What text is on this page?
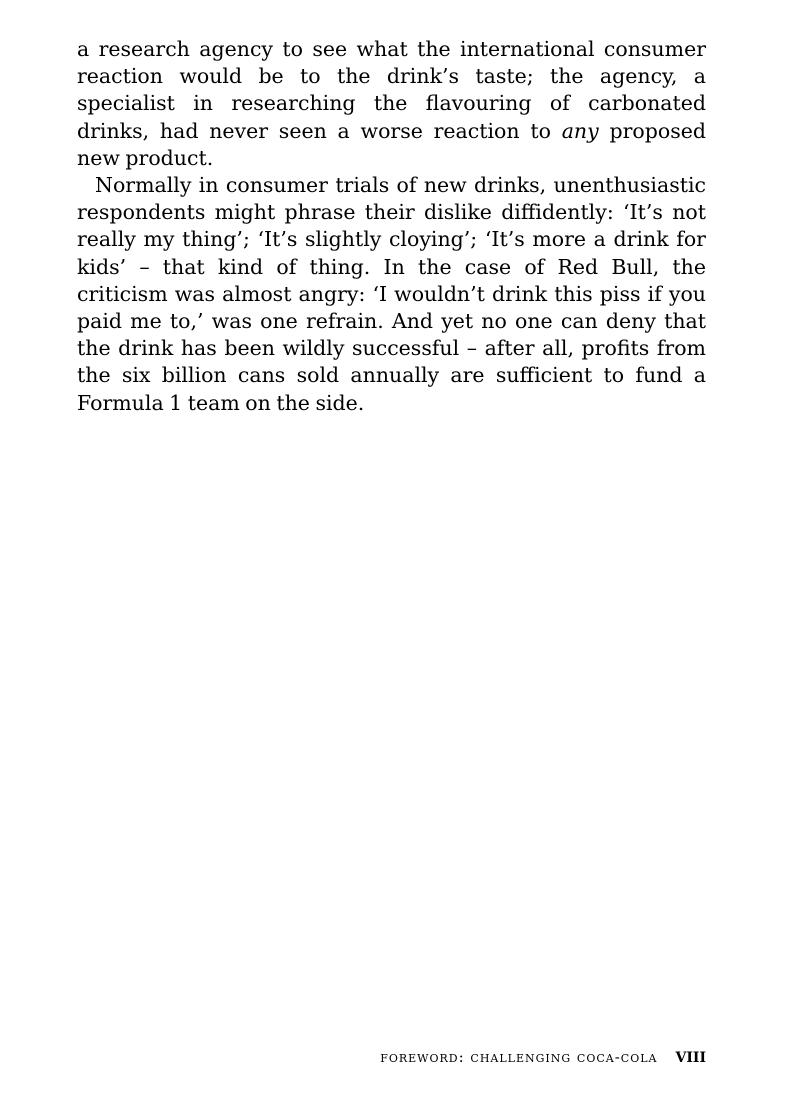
a research agency to see what the international consumer reaction would be to the drink’s taste; the agency, a specialist in researching the flavouring of carbonated drinks, had never seen a worse reaction to any proposed new product.

Normally in consumer trials of new drinks, unenthusiastic respondents might phrase their dislike diffidently: ‘It’s not really my thing’; ‘It’s slightly cloying’; ‘It’s more a drink for kids’ – that kind of thing. In the case of Red Bull, the criticism was almost angry: ‘I wouldn’t drink this piss if you paid me to,’ was one refrain. And yet no one can deny that the drink has been wildly successful – after all, profits from the six billion cans sold annually are sufficient to fund a Formula 1 team on the side.

foreword: challenging coca-cola viii
